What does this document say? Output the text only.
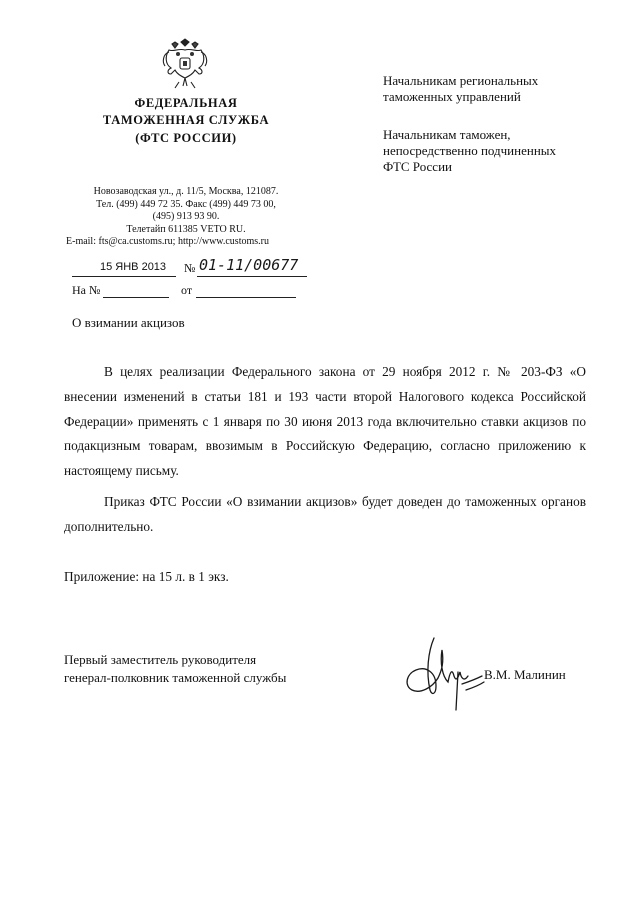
ФЕДЕРАЛЬНАЯ
ТАМОЖЕННАЯ СЛУЖБА
(ФТС РОССИИ)
Новозаводская ул., д. 11/5, Москва, 121087.
Тел. (499) 449 72 35. Факс (499) 449 73 00,
(495) 913 93 90.
Телетайп 611385 VETO RU.
E-mail: fts@ca.customs.ru; http://www.customs.ru
15 ЯНВ 2013 № 01-11/00677
На №	от
Начальникам региональных
таможенных управлений
Начальникам таможен,
непосредственно подчиненных
ФТС России
О взимании акцизов

В целях реализации Федерального закона от 29 ноября 2012 г. № 203-ФЗ «О внесении изменений в статьи 181 и 193 части второй Налогового кодекса Российской Федерации» применять с 1 января по 30 июня 2013 года включительно ставки акцизов по подакцизным товарам, ввозимым в Российскую Федерацию, согласно приложению к настоящему письму.

Приказ ФТС России «О взимании акцизов» будет доведен до таможенных органов дополнительно.

Приложение: на 15 л. в 1 экз.
Первый заместитель руководителя
генерал-полковник таможенной службы	В.М. Малинин
